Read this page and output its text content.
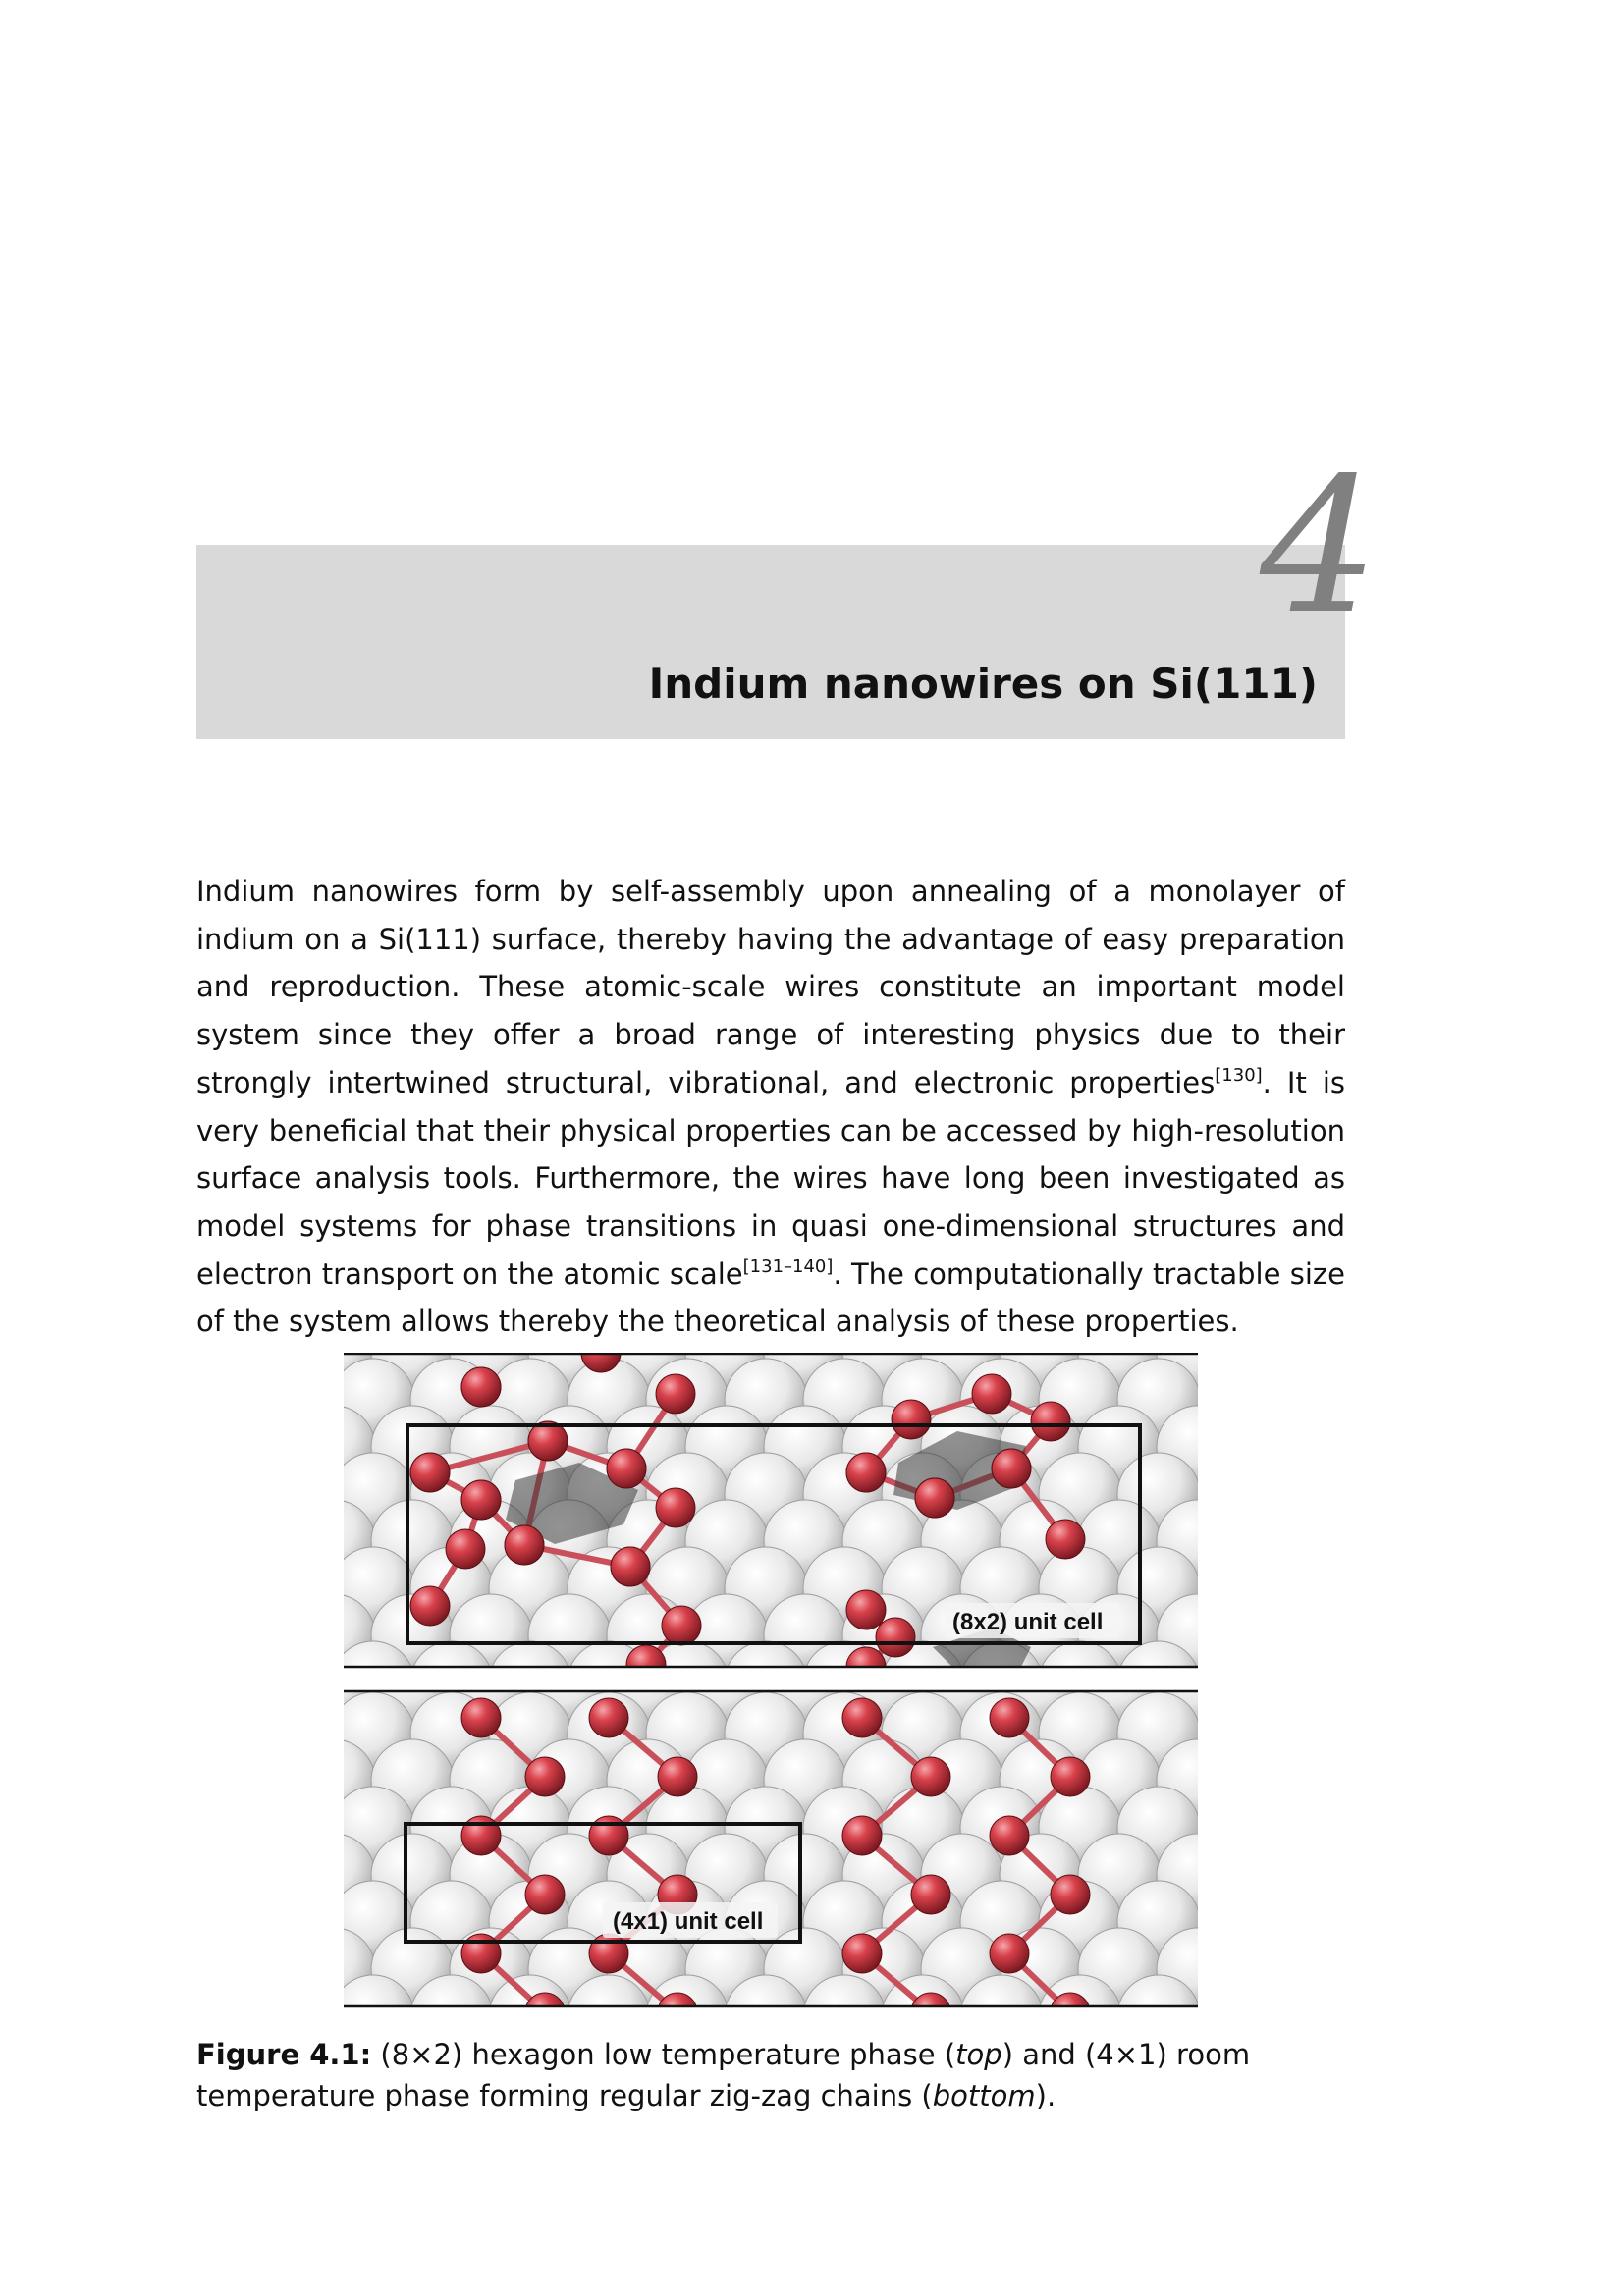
4
Indium nanowires on Si(111)

Indium nanowires form by self-assembly upon annealing of a monolayer of indium on a Si(111) surface, thereby having the advantage of easy preparation and reproduction. These atomic-scale wires constitute an important model system since they offer a broad range of interesting physics due to their strongly intertwined structural, vibrational, and electronic properties[130]. It is very beneficial that their physical properties can be accessed by high-resolution surface analysis tools. Furthermore, the wires have long been investigated as model systems for phase transitions in quasi one-dimensional structures and electron transport on the atomic scale[131–140]. The computationally tractable size of the system allows thereby the theoretical analysis of these properties.

(8x2) unit cell
(4x1) unit cell
Figure 4.1: (8×2) hexagon low temperature phase (top) and (4×1) room temperature phase forming regular zig-zag chains (bottom).
